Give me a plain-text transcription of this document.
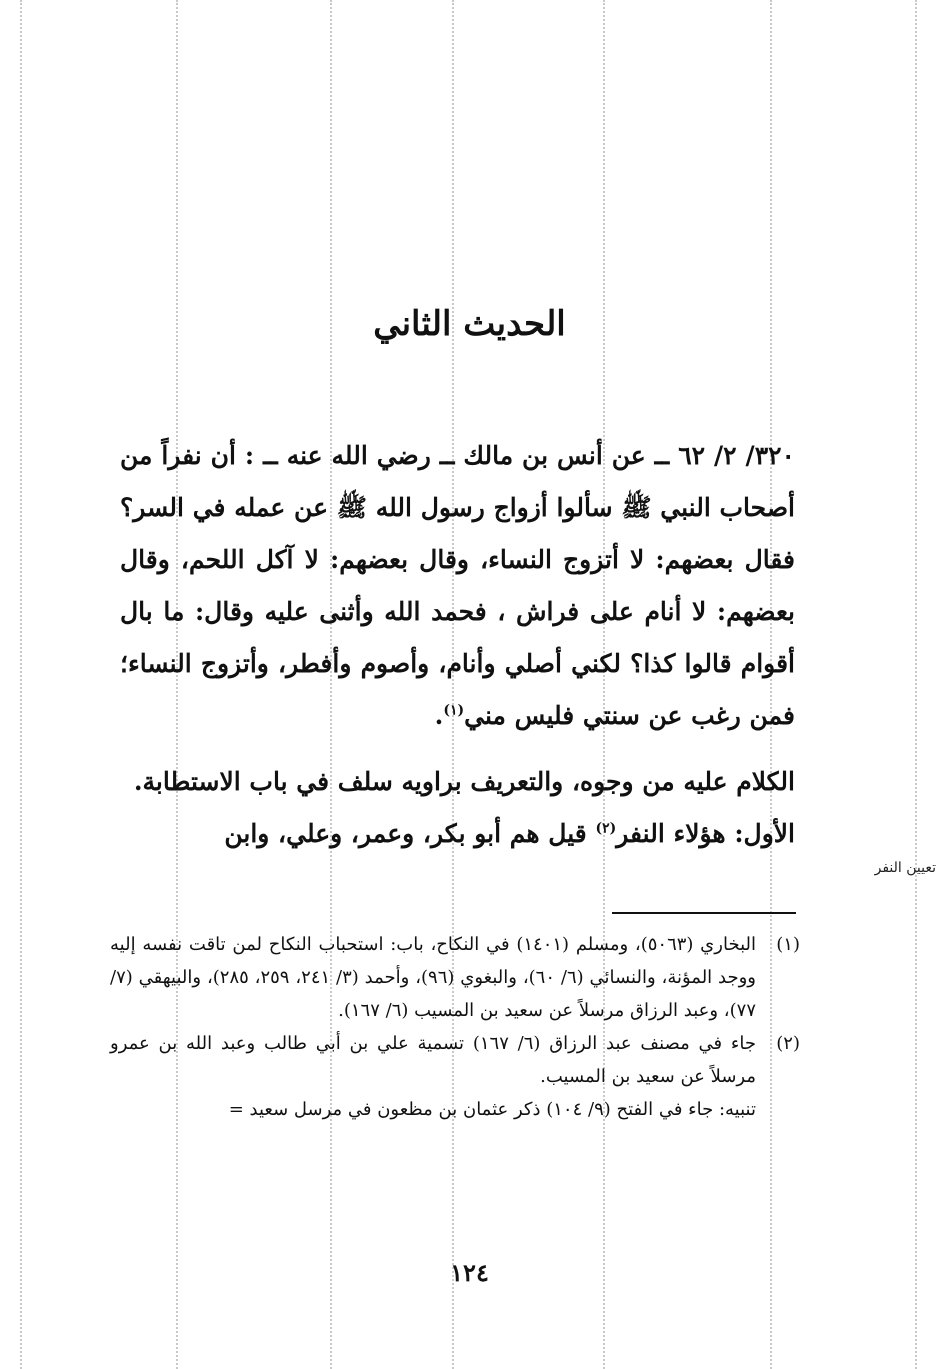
الحديث الثاني

٣٢٠/ ٢/ ٦٢ ــ عن أنس بن مالك ــ رضي الله عنه ــ : أن نفراً من أصحاب النبي ﷺ سألوا أزواج رسول الله ﷺ عن عمله في السر؟ فقال بعضهم: لا أتزوج النساء، وقال بعضهم: لا آكل اللحم، وقال بعضهم: لا أنام على فراش ، فحمد الله وأثنى عليه وقال: ما بال أقوام قالوا كذا؟ لكني أصلي وأنام، وأصوم وأفطر، وأتزوج النساء؛ فمن رغب عن سنتي فليس مني$^{(١)}$.

الكلام عليه من وجوه، والتعريف براويه سلف في باب الاستطابة.

الأول: هؤلاء النفر$^{(٢)}$ قيل هم أبو بكر، وعمر، وعلي، وابن

تعيين النفر
(١)
البخاري (٥٠٦٣)، ومسلم (١٤٠١) في النكاح، باب: استحباب النكاح لمن تاقت نفسه إليه ووجد المؤنة، والنسائي (٦/ ٦٠)، والبغوي (٩٦)، وأحمد (٣/ ٢٤١، ٢٥٩، ٢٨٥)، والبيهقي (٧/ ٧٧)، وعبد الرزاق مرسلاً عن سعيد بن المسيب (٦/ ١٦٧).
(٢)
جاء في مصنف عبد الرزاق (٦/ ١٦٧) تسمية علي بن أبي طالب وعبد الله بن عمرو مرسلاً عن سعيد بن المسيب.

تنبيه: جاء في الفتح (٩/ ١٠٤) ذكر عثمان بن مظعون في مرسل سعيد =

١٢٤
